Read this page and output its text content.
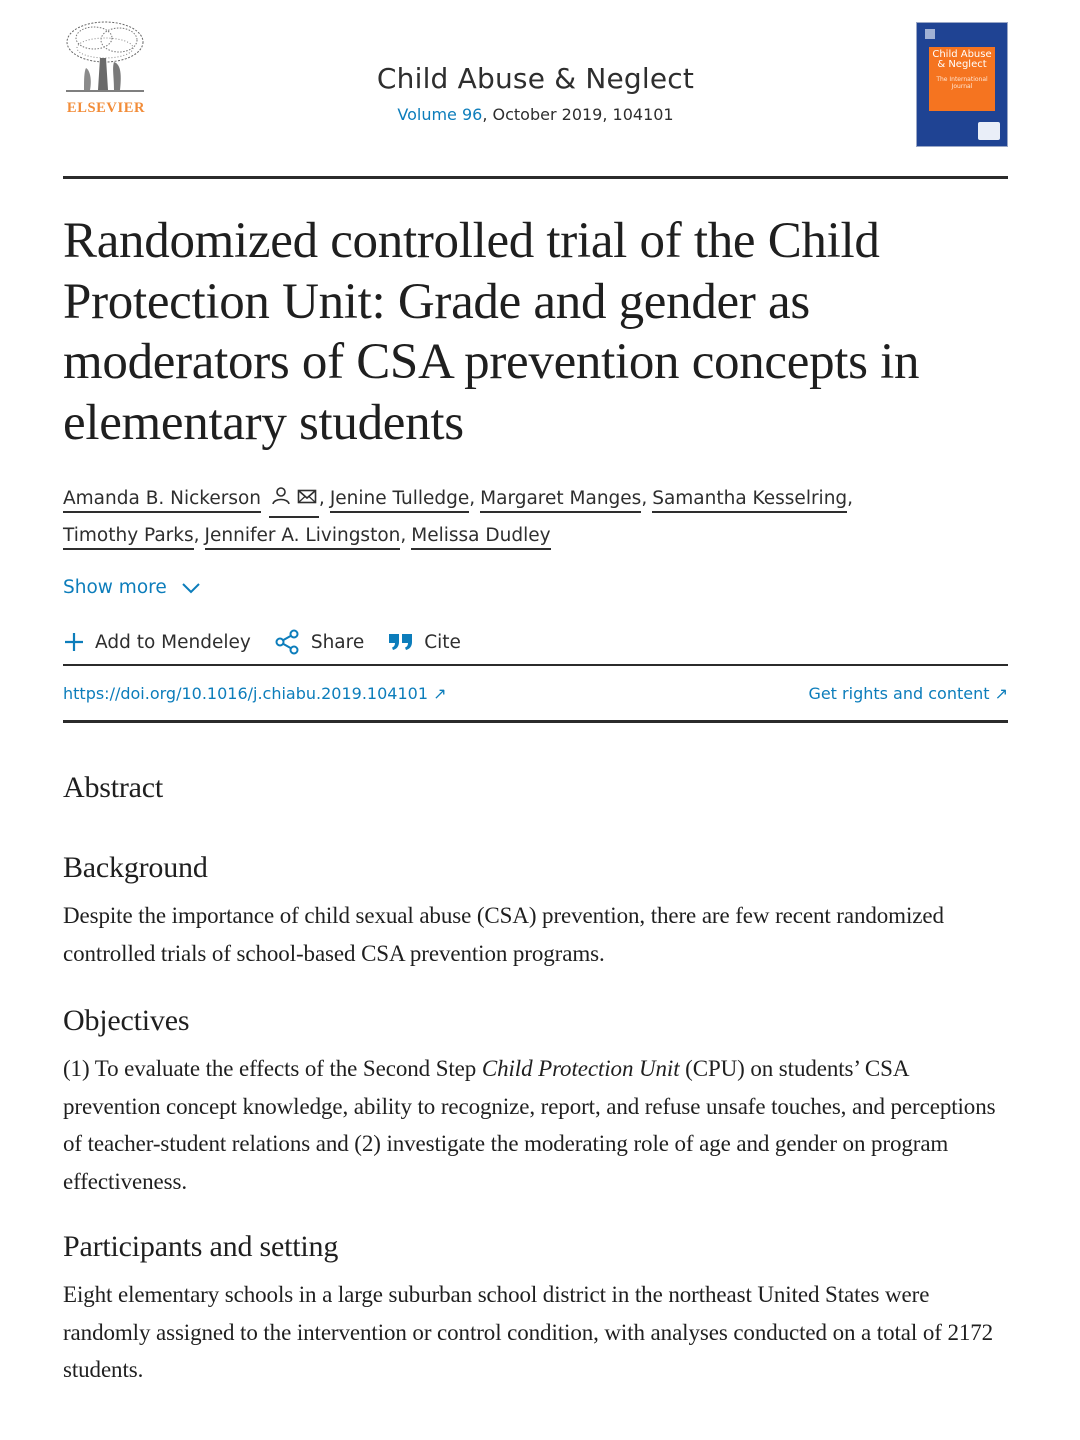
ELSEVIER
Child Abuse & Neglect
Volume 96, October 2019, 104101
Child Abuse & Neglect
The International Journal
Randomized controlled trial of the Child Protection Unit: Grade and gender as moderators of CSA prevention concepts in elementary students
Amanda B. Nickerson	, Jenine Tulledge, Margaret Manges, Samantha Kesselring,
Timothy Parks, Jennifer A. Livingston, Melissa Dudley
Show more
Add to Mendeley	Share	Cite
https://doi.org/10.1016/j.chiabu.2019.104101 ↗	Get rights and content ↗
Abstract
Background

Despite the importance of child sexual abuse (CSA) prevention, there are few recent randomized controlled trials of school-based CSA prevention programs.

Objectives

(1) To evaluate the effects of the Second Step Child Protection Unit (CPU) on students’ CSA prevention concept knowledge, ability to recognize, report, and refuse unsafe touches, and perceptions of teacher-student relations and (2) investigate the moderating role of age and gender on program effectiveness.

Participants and setting

Eight elementary schools in a large suburban school district in the northeast United States were randomly assigned to the intervention or control condition, with analyses conducted on a total of 2172 students.
